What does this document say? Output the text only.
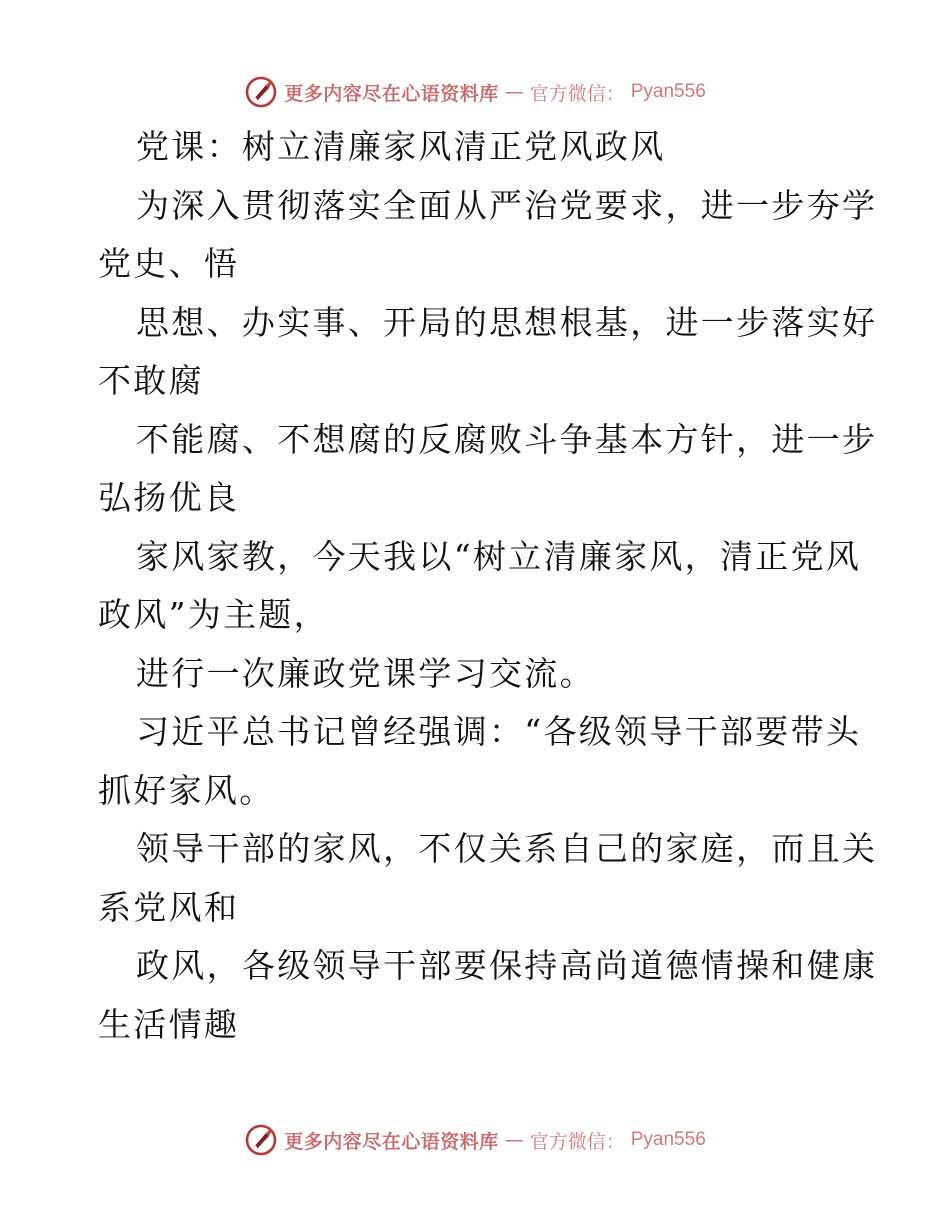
更多内容尽在心语资料库 — 官方微信： Pyan556
党课：树立清廉家风清正党风政风
为深入贯彻落实全面从严治党要求，进一步夯学
党史、悟
思想、办实事、开局的思想根基，进一步落实好
不敢腐
不能腐、不想腐的反腐败斗争基本方针，进一步
弘扬优良
家风家教，今天我以“树立清廉家风，清正党风
政风”为主题，
进行一次廉政党课学习交流。
习近平总书记曾经强调：“各级领导干部要带头
抓好家风。
领导干部的家风，不仅关系自己的家庭，而且关
系党风和
政风，各级领导干部要保持高尚道德情操和健康
生活情趣
更多内容尽在心语资料库 — 官方微信： Pyan556
